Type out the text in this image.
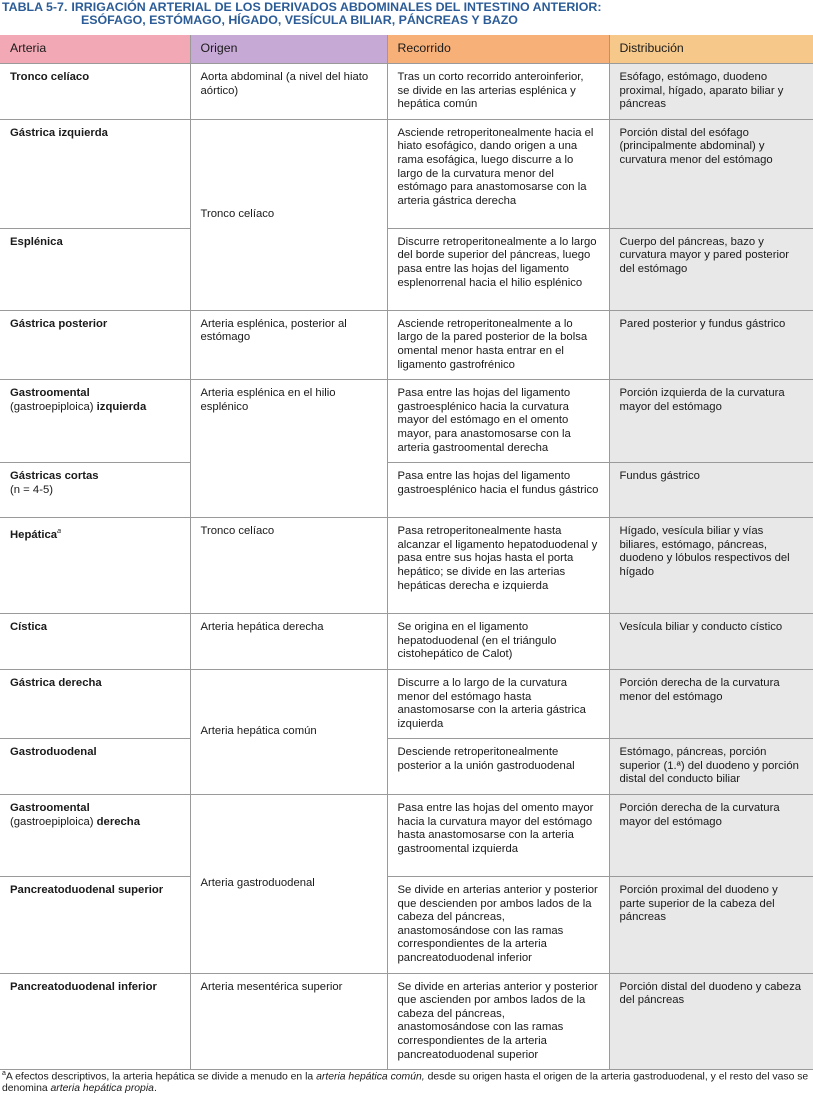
TABLA 5-7. IRRIGACIÓN ARTERIAL DE LOS DERIVADOS ABDOMINALES DEL INTESTINO ANTERIOR:
ESÓFAGO, ESTÓMAGO, HÍGADO, VESÍCULA BILIAR, PÁNCREAS Y BAZO
Arteria	Origen	Recorrido	Distribución
Tronco celíaco	Aorta abdominal (a nivel del hiato aórtico)	Tras un corto recorrido anteroinferior, se divide en las arterias esplénica y hepática común	Esófago, estómago, duodeno proximal, hígado, aparato biliar y páncreas
Gástrica izquierda	Tronco celíaco	Asciende retroperitonealmente hacia el hiato esofágico, dando origen a una rama esofágica, luego discurre a lo largo de la curvatura menor del estómago para anastomosarse con la arteria gástrica derecha	Porción distal del esófago (principalmente abdominal) y curvatura menor del estómago
Esplénica		Discurre retroperitonealmente a lo largo del borde superior del páncreas, luego pasa entre las hojas del ligamento esplenorrenal hacia el hilio esplénico	Cuerpo del páncreas, bazo y curvatura mayor y pared posterior del estómago
Gástrica posterior	Arteria esplénica, posterior al estómago	Asciende retroperitonealmente a lo largo de la pared posterior de la bolsa omental menor hasta entrar en el ligamento gastrofrénico	Pared posterior y fundus gástrico
Gastroomental
(gastroepiploica) izquierda	Arteria esplénica en el hilio esplénico	Pasa entre las hojas del ligamento gastroesplénico hacia la curvatura mayor del estómago en el omento mayor, para anastomosarse con la arteria gastroomental derecha	Porción izquierda de la curvatura mayor del estómago
Gástricas cortas
(n = 4-5)		Pasa entre las hojas del ligamento gastroesplénico hacia el fundus gástrico	Fundus gástrico
Hepática$^a$	Tronco celíaco	Pasa retroperitonealmente hasta alcanzar el ligamento hepatoduodenal y pasa entre sus hojas hasta el porta hepático; se divide en las arterias hepáticas derecha e izquierda	Hígado, vesícula biliar y vías biliares, estómago, páncreas, duodeno y lóbulos respectivos del hígado
Cística	Arteria hepática derecha	Se origina en el ligamento hepatoduodenal (en el triángulo cistohepático de Calot)	Vesícula biliar y conducto cístico
Gástrica derecha	Arteria hepática común	Discurre a lo largo de la curvatura menor del estómago hasta anastomosarse con la arteria gástrica izquierda	Porción derecha de la curvatura menor del estómago
Gastroduodenal		Desciende retroperitonealmente posterior a la unión gastroduodenal	Estómago, páncreas, porción superior (1.ª) del duodeno y porción distal del conducto biliar
Gastroomental
(gastroepiploica) derecha	Arteria gastroduodenal	Pasa entre las hojas del omento mayor hacia la curvatura mayor del estómago hasta anastomosarse con la arteria gastroomental izquierda	Porción derecha de la curvatura mayor del estómago
Pancreatoduodenal superior		Se divide en arterias anterior y posterior que descienden por ambos lados de la cabeza del páncreas, anastomosándose con las ramas correspondientes de la arteria pancreatoduodenal inferior	Porción proximal del duodeno y parte superior de la cabeza del páncreas
Pancreatoduodenal inferior	Arteria mesentérica superior	Se divide en arterias anterior y posterior que ascienden por ambos lados de la cabeza del páncreas, anastomosándose con las ramas correspondientes de la arteria pancreatoduodenal superior	Porción distal del duodeno y cabeza del páncreas
$^a$A efectos descriptivos, la arteria hepática se divide a menudo en la arteria hepática común, desde su origen hasta el origen de la arteria gastroduodenal, y el resto del vaso se denomina arteria hepática propia.
